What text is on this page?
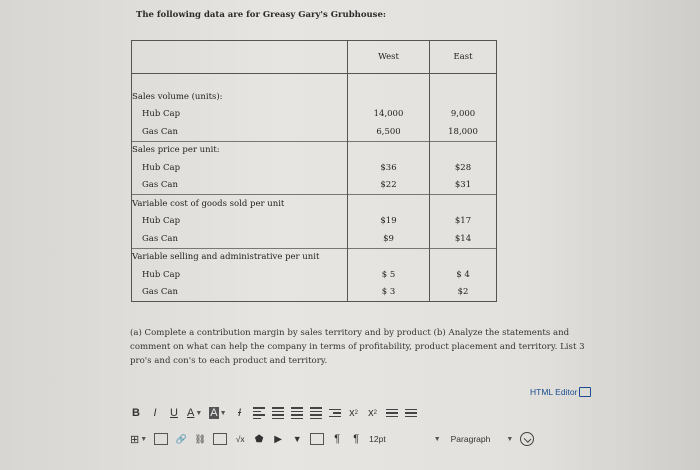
The following data are for Greasy Gary's Grubhouse:
	West	East

Sales volume (units):		
Hub Cap	14,000	9,000
Gas Can	6,500	18,000
Sales price per unit:		
Hub Cap	$36	$28
Gas Can	$22	$31
Variable cost of goods sold per unit		
Hub Cap	$19	$17
Gas Can	$9	$14
Variable selling and administrative per unit		
Hub Cap	$ 5	$ 4
Gas Can	$ 3	$2
(a) Complete a contribution margin by sales territory and by product (b) Analyze the statements and comment on what can help the company in terms of profitability, product placement and territory. List 3 pro's and con's to each product and territory.
HTML Editor
B	I	U A ▼ A ▼	I	x 2 x 2
⊞ ▼	🔗 ⛓	√x ⬟ ▶ ▼	¶ ¶ 12pt	▼ Paragraph ▼
